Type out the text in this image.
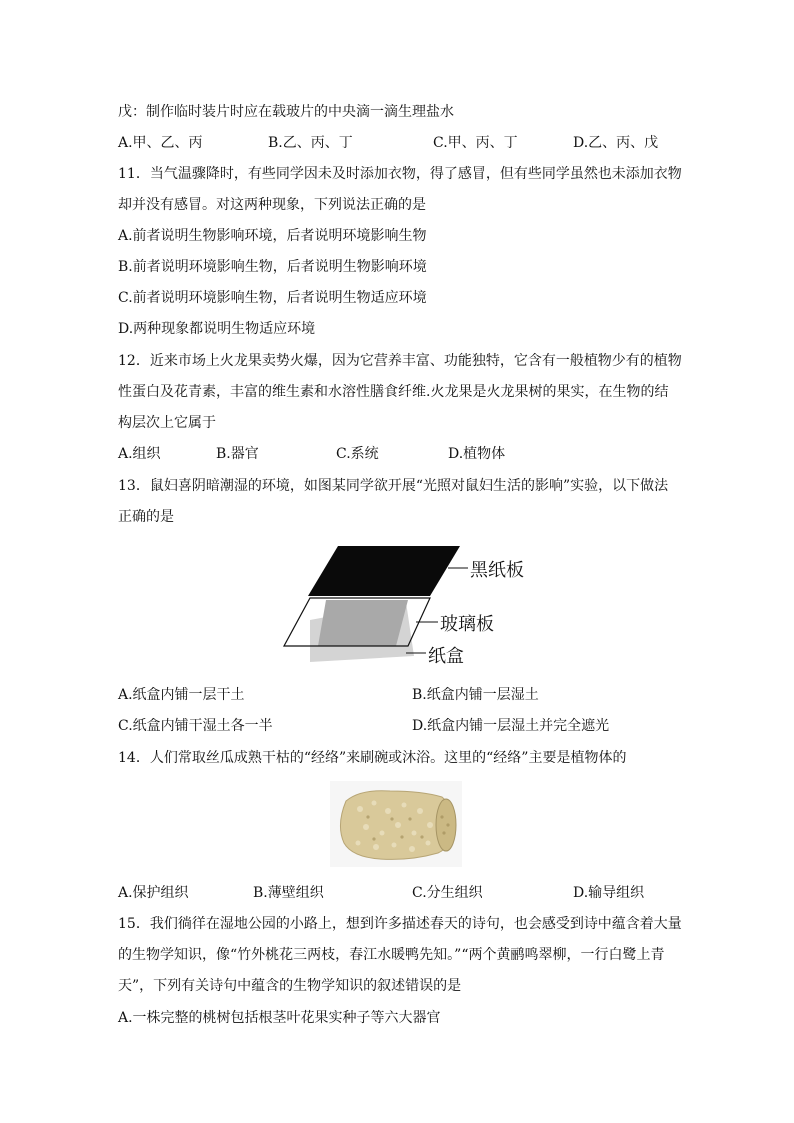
戊：制作临时装片时应在载玻片的中央滴一滴生理盐水
A.甲、乙、丙	B.乙、丙、丁	C.甲、丙、丁	D.乙、丙、戊
11．当气温骤降时，有些同学因未及时添加衣物，得了感冒，但有些同学虽然也未添加衣物
却并没有感冒。对这两种现象，下列说法正确的是
A.前者说明生物影响环境，后者说明环境影响生物
B.前者说明环境影响生物，后者说明生物影响环境
C.前者说明环境影响生物，后者说明生物适应环境
D.两种现象都说明生物适应环境
12．近来市场上火龙果卖势火爆，因为它营养丰富、功能独特，它含有一般植物少有的植物
性蛋白及花青素，丰富的维生素和水溶性膳食纤维.火龙果是火龙果树的果实，在生物的结
构层次上它属于
A.组织	B.器官	C.系统	D.植物体
13．鼠妇喜阴暗潮湿的环境，如图某同学欲开展“光照对鼠妇生活的影响”实验，以下做法
正确的是
黑纸板
玻璃板
纸盒
A.纸盒内铺一层干土	B.纸盒内铺一层湿土
C.纸盒内铺干湿土各一半	D.纸盒内铺一层湿土并完全遮光
14．人们常取丝瓜成熟干枯的“经络”来刷碗或沐浴。这里的“经络”主要是植物体的
A.保护组织	B.薄壁组织	C.分生组织	D.输导组织
15．我们徜徉在湿地公园的小路上，想到许多描述春天的诗句，也会感受到诗中蕴含着大量
的生物学知识，像“竹外桃花三两枝，春江水暖鸭先知。”“两个黄鹂鸣翠柳，一行白鹭上青
天”，下列有关诗句中蕴含的生物学知识的叙述错误的是
A.一株完整的桃树包括根茎叶花果实种子等六大器官
